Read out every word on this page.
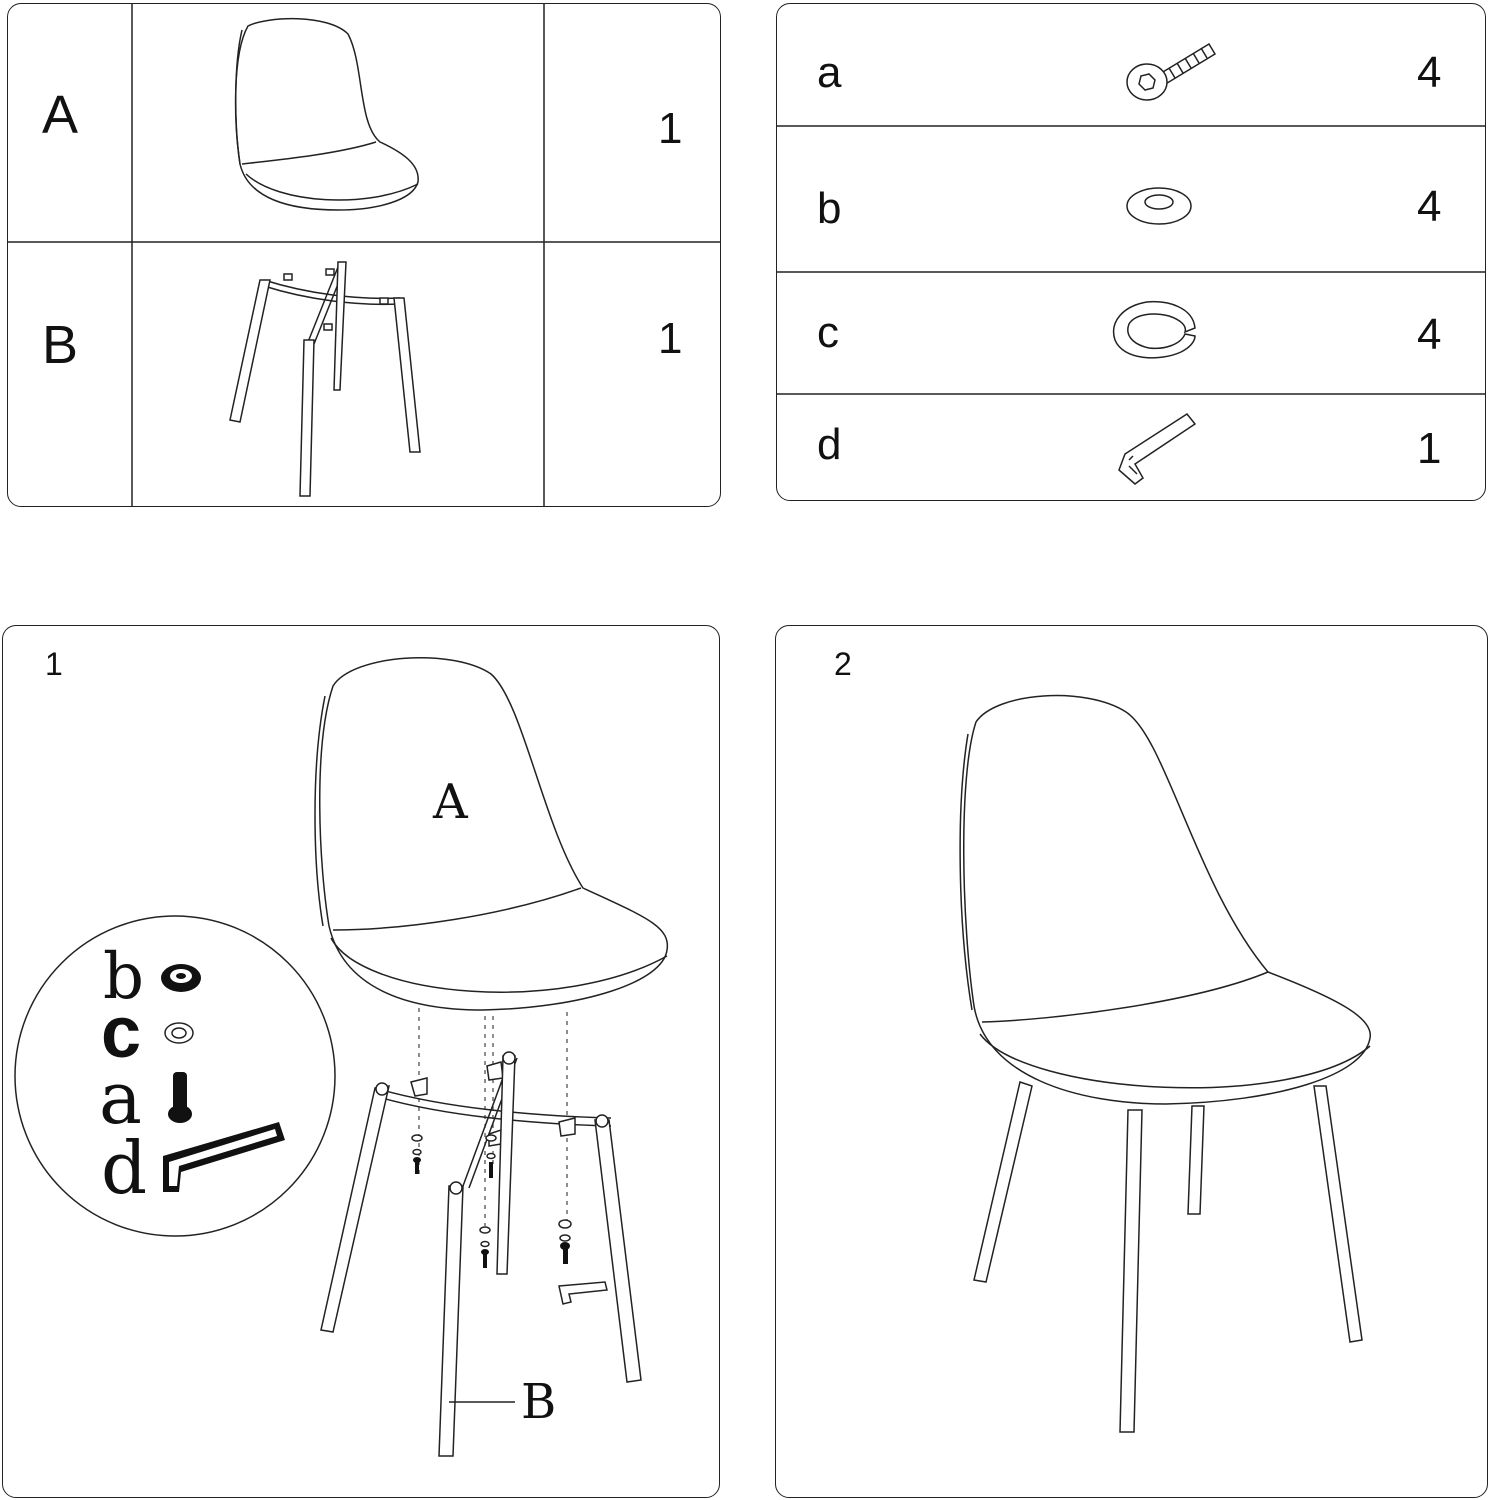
A	1
B	1
a	4
b	4
c	4
d	1
1
A
B
b
c
a
d
2
